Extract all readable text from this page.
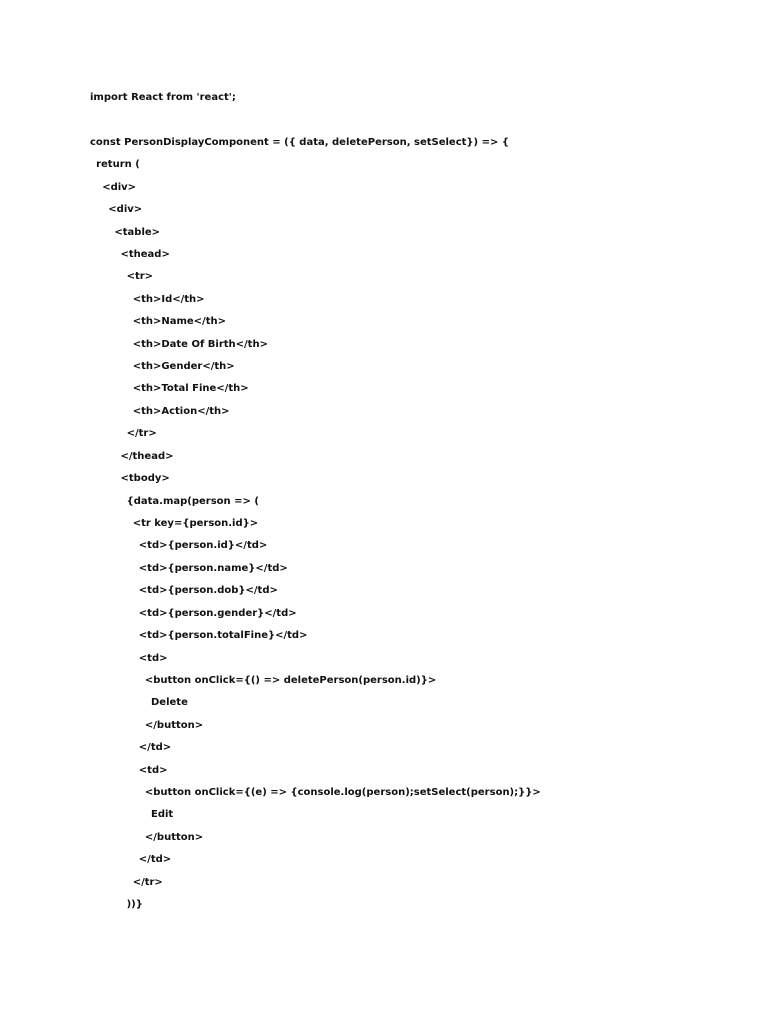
import React from 'react';
const PersonDisplayComponent = ({ data, deletePerson, setSelect}) => {
return (
<div>
<div>
<table>
<thead>
<tr>
<th>Id</th>
<th>Name</th>
<th>Date Of Birth</th>
<th>Gender</th>
<th>Total Fine</th>
<th>Action</th>
</tr>
</thead>
<tbody>
{data.map(person => (
<tr key={person.id}>
<td>{person.id}</td>
<td>{person.name}</td>
<td>{person.dob}</td>
<td>{person.gender}</td>
<td>{person.totalFine}</td>
<td>
<button onClick={() => deletePerson(person.id)}>
Delete
</button>
</td>
<td>
<button onClick={(e) => {console.log(person);setSelect(person);}}>
Edit
</button>
</td>
</tr>
))}
